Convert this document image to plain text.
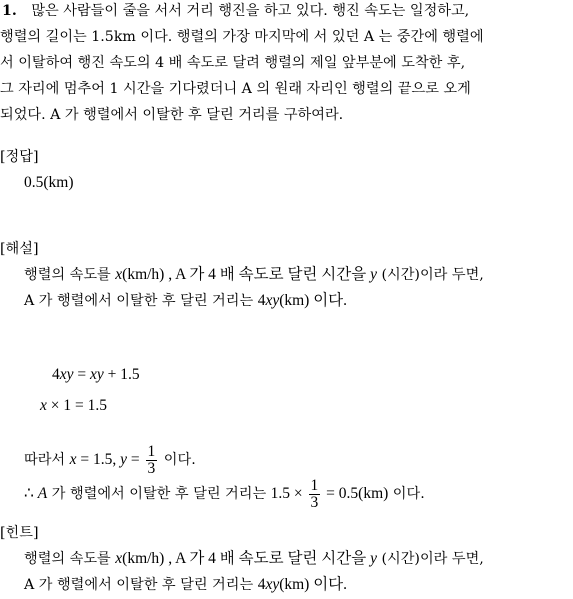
1. 많은 사람들이 줄을 서서 거리 행진을 하고 있다. 행진 속도는 일정하고,
행렬의 길이는 1.5km 이다. 행렬의 가장 마지막에 서 있던 A 는 중간에 행렬에
서 이탈하여 행진 속도의 4 배 속도로 달려 행렬의 제일 앞부분에 도착한 후,
그 자리에 멈추어 1 시간을 기다렸더니 A 의 원래 자리인 행렬의 끝으로 오게
되었다. A 가 행렬에서 이탈한 후 달린 거리를 구하여라.
[정답]
0.5(km)
[해설]
행렬의 속도를 x(km/h) , A 가 4 배 속도로 달린 시간을 y (시간)이라 두면,
A 가 행렬에서 이탈한 후 달린 거리는 4xy(km) 이다.
4xy = xy + 1.5
x × 1 = 1.5
따라서 x = 1.5, $y = \frac{1}{3}$ 이다.
∴ A 가 행렬에서 이탈한 후 달린 거리는 $1.5 \times \frac{1}{3} = 0.5(km)$ 이다.
[힌트]
행렬의 속도를 x(km/h) , A 가 4 배 속도로 달린 시간을 y (시간)이라 두면,
A 가 행렬에서 이탈한 후 달린 거리는 4xy(km) 이다.
